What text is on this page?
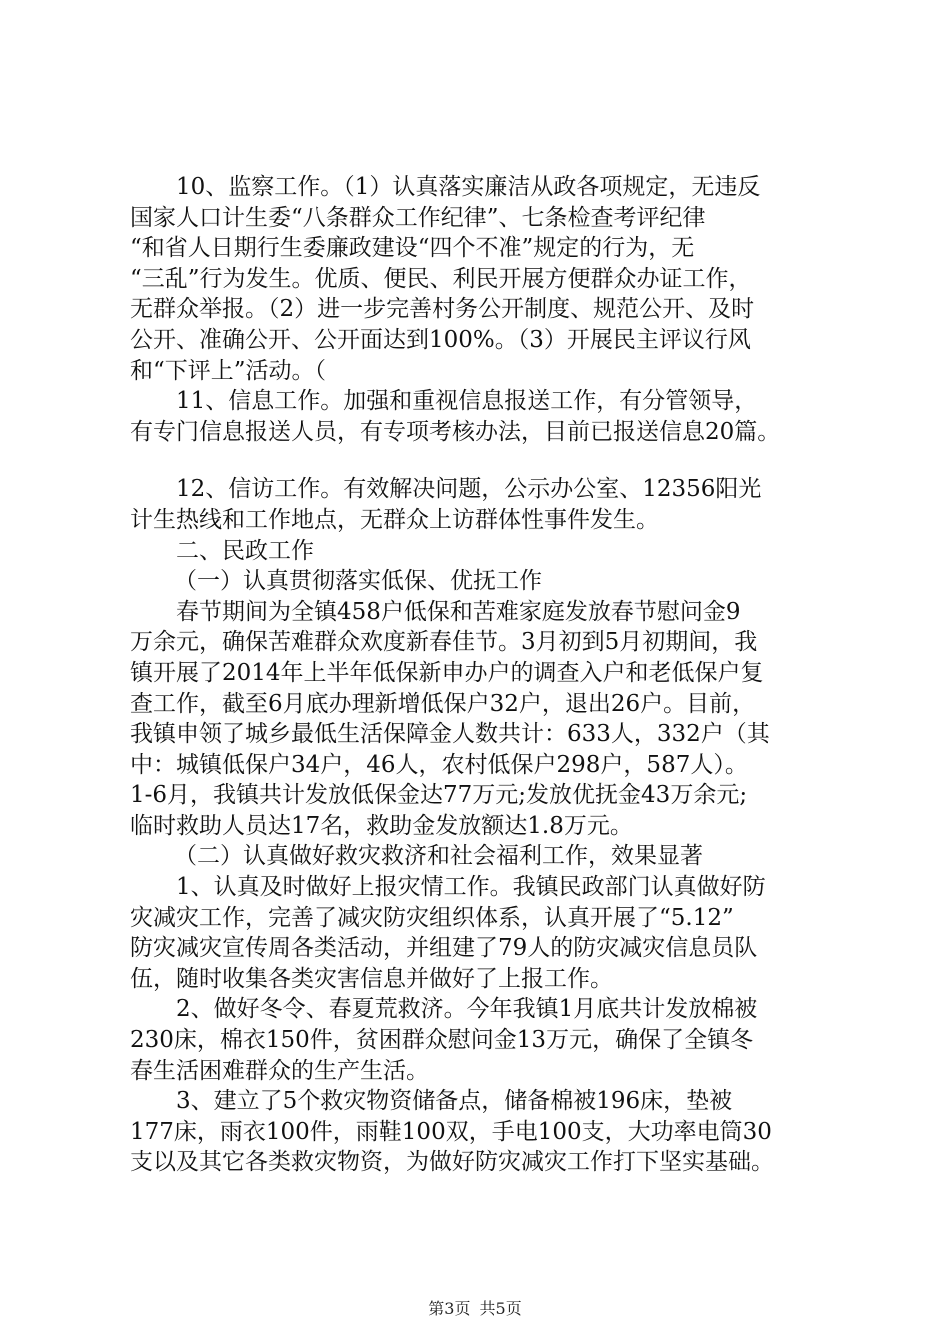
10、监察工作。（1）认真落实廉洁从政各项规定，无违反
国家人口计生委“八条群众工作纪律”、七条检查考评纪律
“和省人日期行生委廉政建设“四个不准”规定的行为，无
“三乱”行为发生。优质、便民、利民开展方便群众办证工作，
无群众举报。（2）进一步完善村务公开制度、规范公开、及时
公开、准确公开、公开面达到100%。（3）开展民主评议行风
和“下评上”活动。（
11、信息工作。加强和重视信息报送工作，有分管领导，
有专门信息报送人员，有专项考核办法，目前已报送信息20篇。
12、信访工作。有效解决问题，公示办公室、12356阳光
计生热线和工作地点，无群众上访群体性事件发生。
二、民政工作
（一）认真贯彻落实低保、优抚工作
春节期间为全镇458户低保和苦难家庭发放春节慰问金9
万余元，确保苦难群众欢度新春佳节。3月初到5月初期间，我
镇开展了2014年上半年低保新申办户的调查入户和老低保户复
查工作，截至6月底办理新增低保户32户，退出26户。目前，
我镇申领了城乡最低生活保障金人数共计：633人，332户（其
中：城镇低保户34户，46人，农村低保户298户，587人）。
1-6月，我镇共计发放低保金达77万元;发放优抚金43万余元;
临时救助人员达17名，救助金发放额达1.8万元。
（二）认真做好救灾救济和社会福利工作，效果显著
1、认真及时做好上报灾情工作。我镇民政部门认真做好防
灾减灾工作，完善了减灾防灾组织体系，认真开展了“5.12”
防灾减灾宣传周各类活动，并组建了79人的防灾减灾信息员队
伍，随时收集各类灾害信息并做好了上报工作。
2、做好冬令、春夏荒救济。今年我镇1月底共计发放棉被
230床，棉衣150件，贫困群众慰问金13万元，确保了全镇冬
春生活困难群众的生产生活。
3、建立了5个救灾物资储备点，储备棉被196床，垫被
177床，雨衣100件，雨鞋100双，手电100支，大功率电筒30
支以及其它各类救灾物资，为做好防灾减灾工作打下坚实基础。
第3页 共5页
